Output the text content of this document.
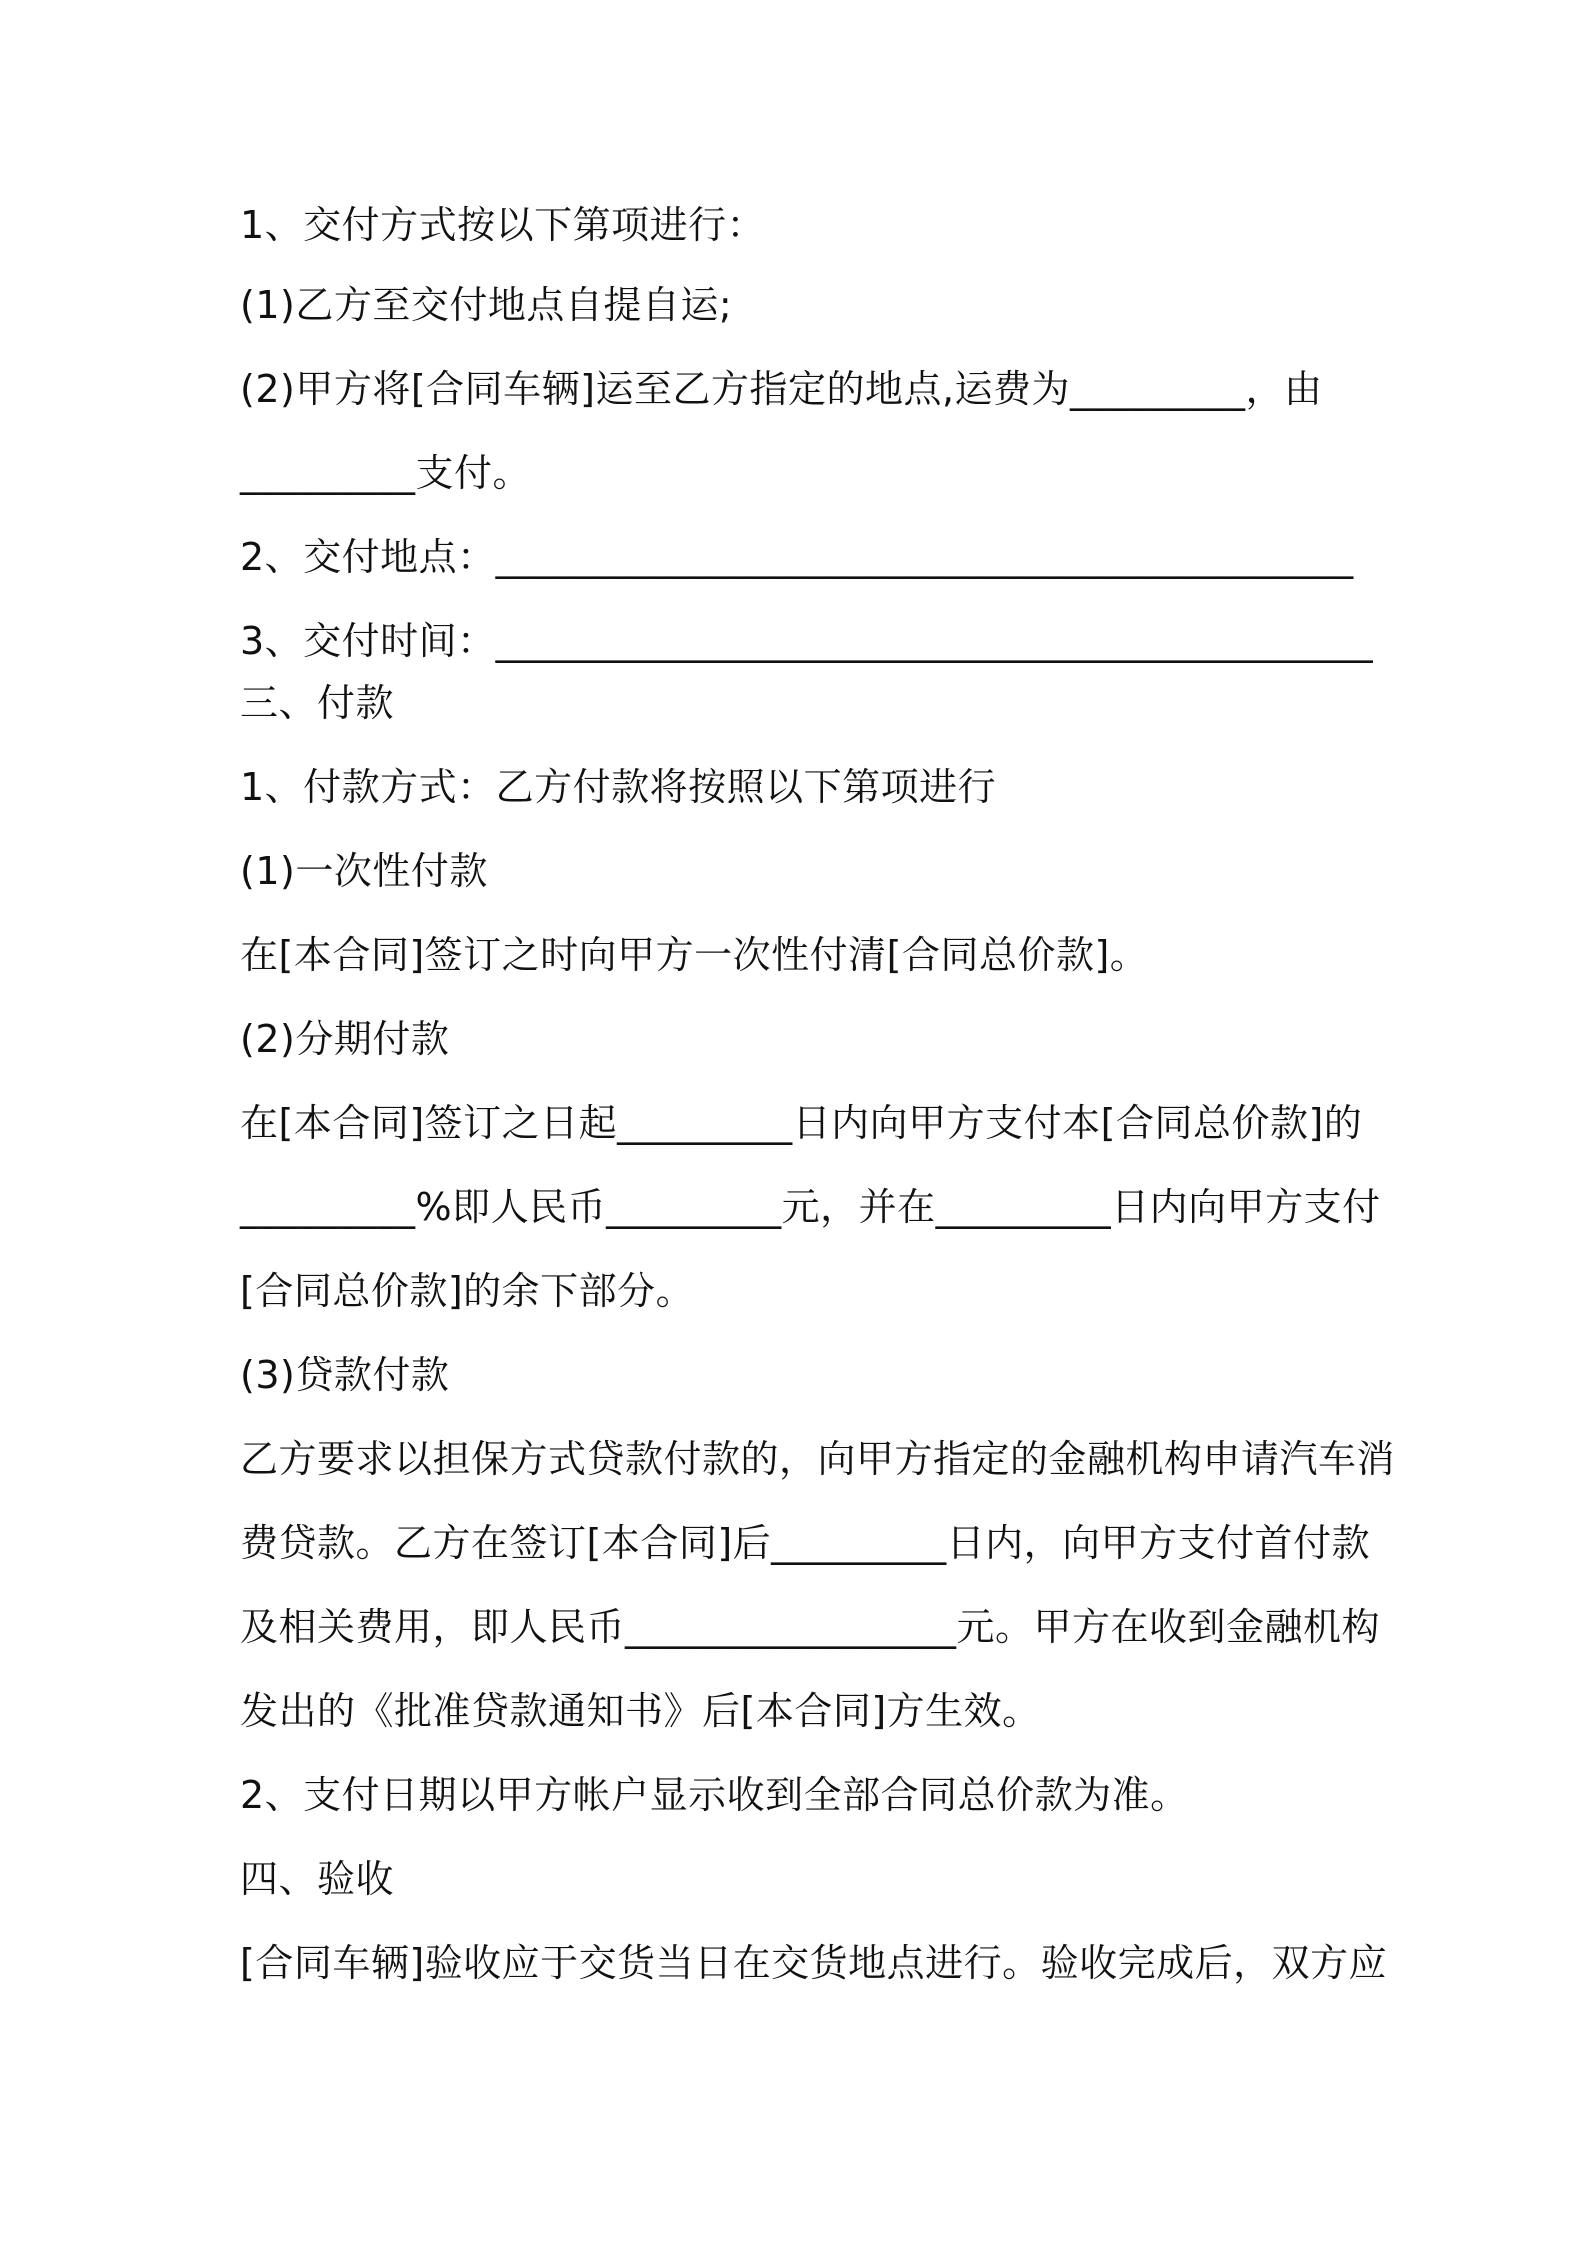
1、交付方式按以下第项进行：
(1)乙方至交付地点自提自运;
(2)甲方将[合同车辆]运至乙方指定的地点,运费为_________，由
_________支付。
2、交付地点：____________________________________________
3、交付时间：_____________________________________________
三、付款
1、付款方式：乙方付款将按照以下第项进行
(1)一次性付款
在[本合同]签订之时向甲方一次性付清[合同总价款]。
(2)分期付款
在[本合同]签订之日起_________日内向甲方支付本[合同总价款]的
_________%即人民币_________元，并在_________日内向甲方支付
[合同总价款]的余下部分。
(3)贷款付款
乙方要求以担保方式贷款付款的，向甲方指定的金融机构申请汽车消
费贷款。乙方在签订[本合同]后_________日内，向甲方支付首付款
及相关费用，即人民币_________________元。甲方在收到金融机构
发出的《批准贷款通知书》后[本合同]方生效。
2、支付日期以甲方帐户显示收到全部合同总价款为准。
四、验收
[合同车辆]验收应于交货当日在交货地点进行。验收完成后，双方应
